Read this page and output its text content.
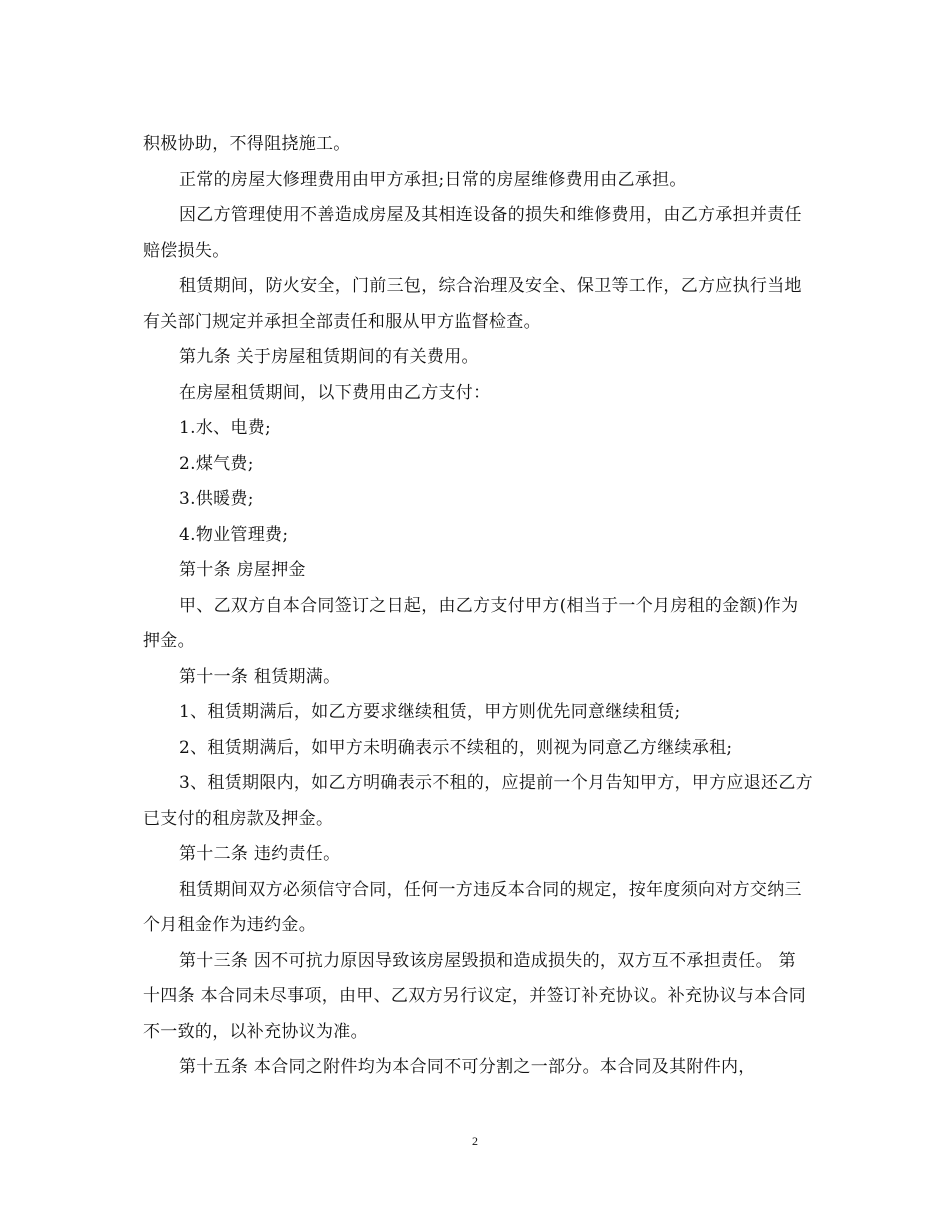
积极协助，不得阻挠施工。

正常的房屋大修理费用由甲方承担;日常的房屋维修费用由乙承担。

因乙方管理使用不善造成房屋及其相连设备的损失和维修费用，由乙方承担并责任赔偿损失。

租赁期间，防火安全，门前三包，综合治理及安全、保卫等工作，乙方应执行当地有关部门规定并承担全部责任和服从甲方监督检查。

第九条 关于房屋租赁期间的有关费用。

在房屋租赁期间，以下费用由乙方支付：

1.水、电费;

2.煤气费;

3.供暖费;

4.物业管理费;

第十条 房屋押金

甲、乙双方自本合同签订之日起，由乙方支付甲方(相当于一个月房租的金额)作为押金。

第十一条 租赁期满。

1、租赁期满后，如乙方要求继续租赁，甲方则优先同意继续租赁;

2、租赁期满后，如甲方未明确表示不续租的，则视为同意乙方继续承租;

3、租赁期限内，如乙方明确表示不租的，应提前一个月告知甲方，甲方应退还乙方已支付的租房款及押金。

第十二条 违约责任。

租赁期间双方必须信守合同，任何一方违反本合同的规定，按年度须向对方交纳三个月租金作为违约金。

第十三条 因不可抗力原因导致该房屋毁损和造成损失的，双方互不承担责任。 第十四条 本合同未尽事项，由甲、乙双方另行议定，并签订补充协议。补充协议与本合同不一致的，以补充协议为准。

第十五条 本合同之附件均为本合同不可分割之一部分。本合同及其附件内，

2
